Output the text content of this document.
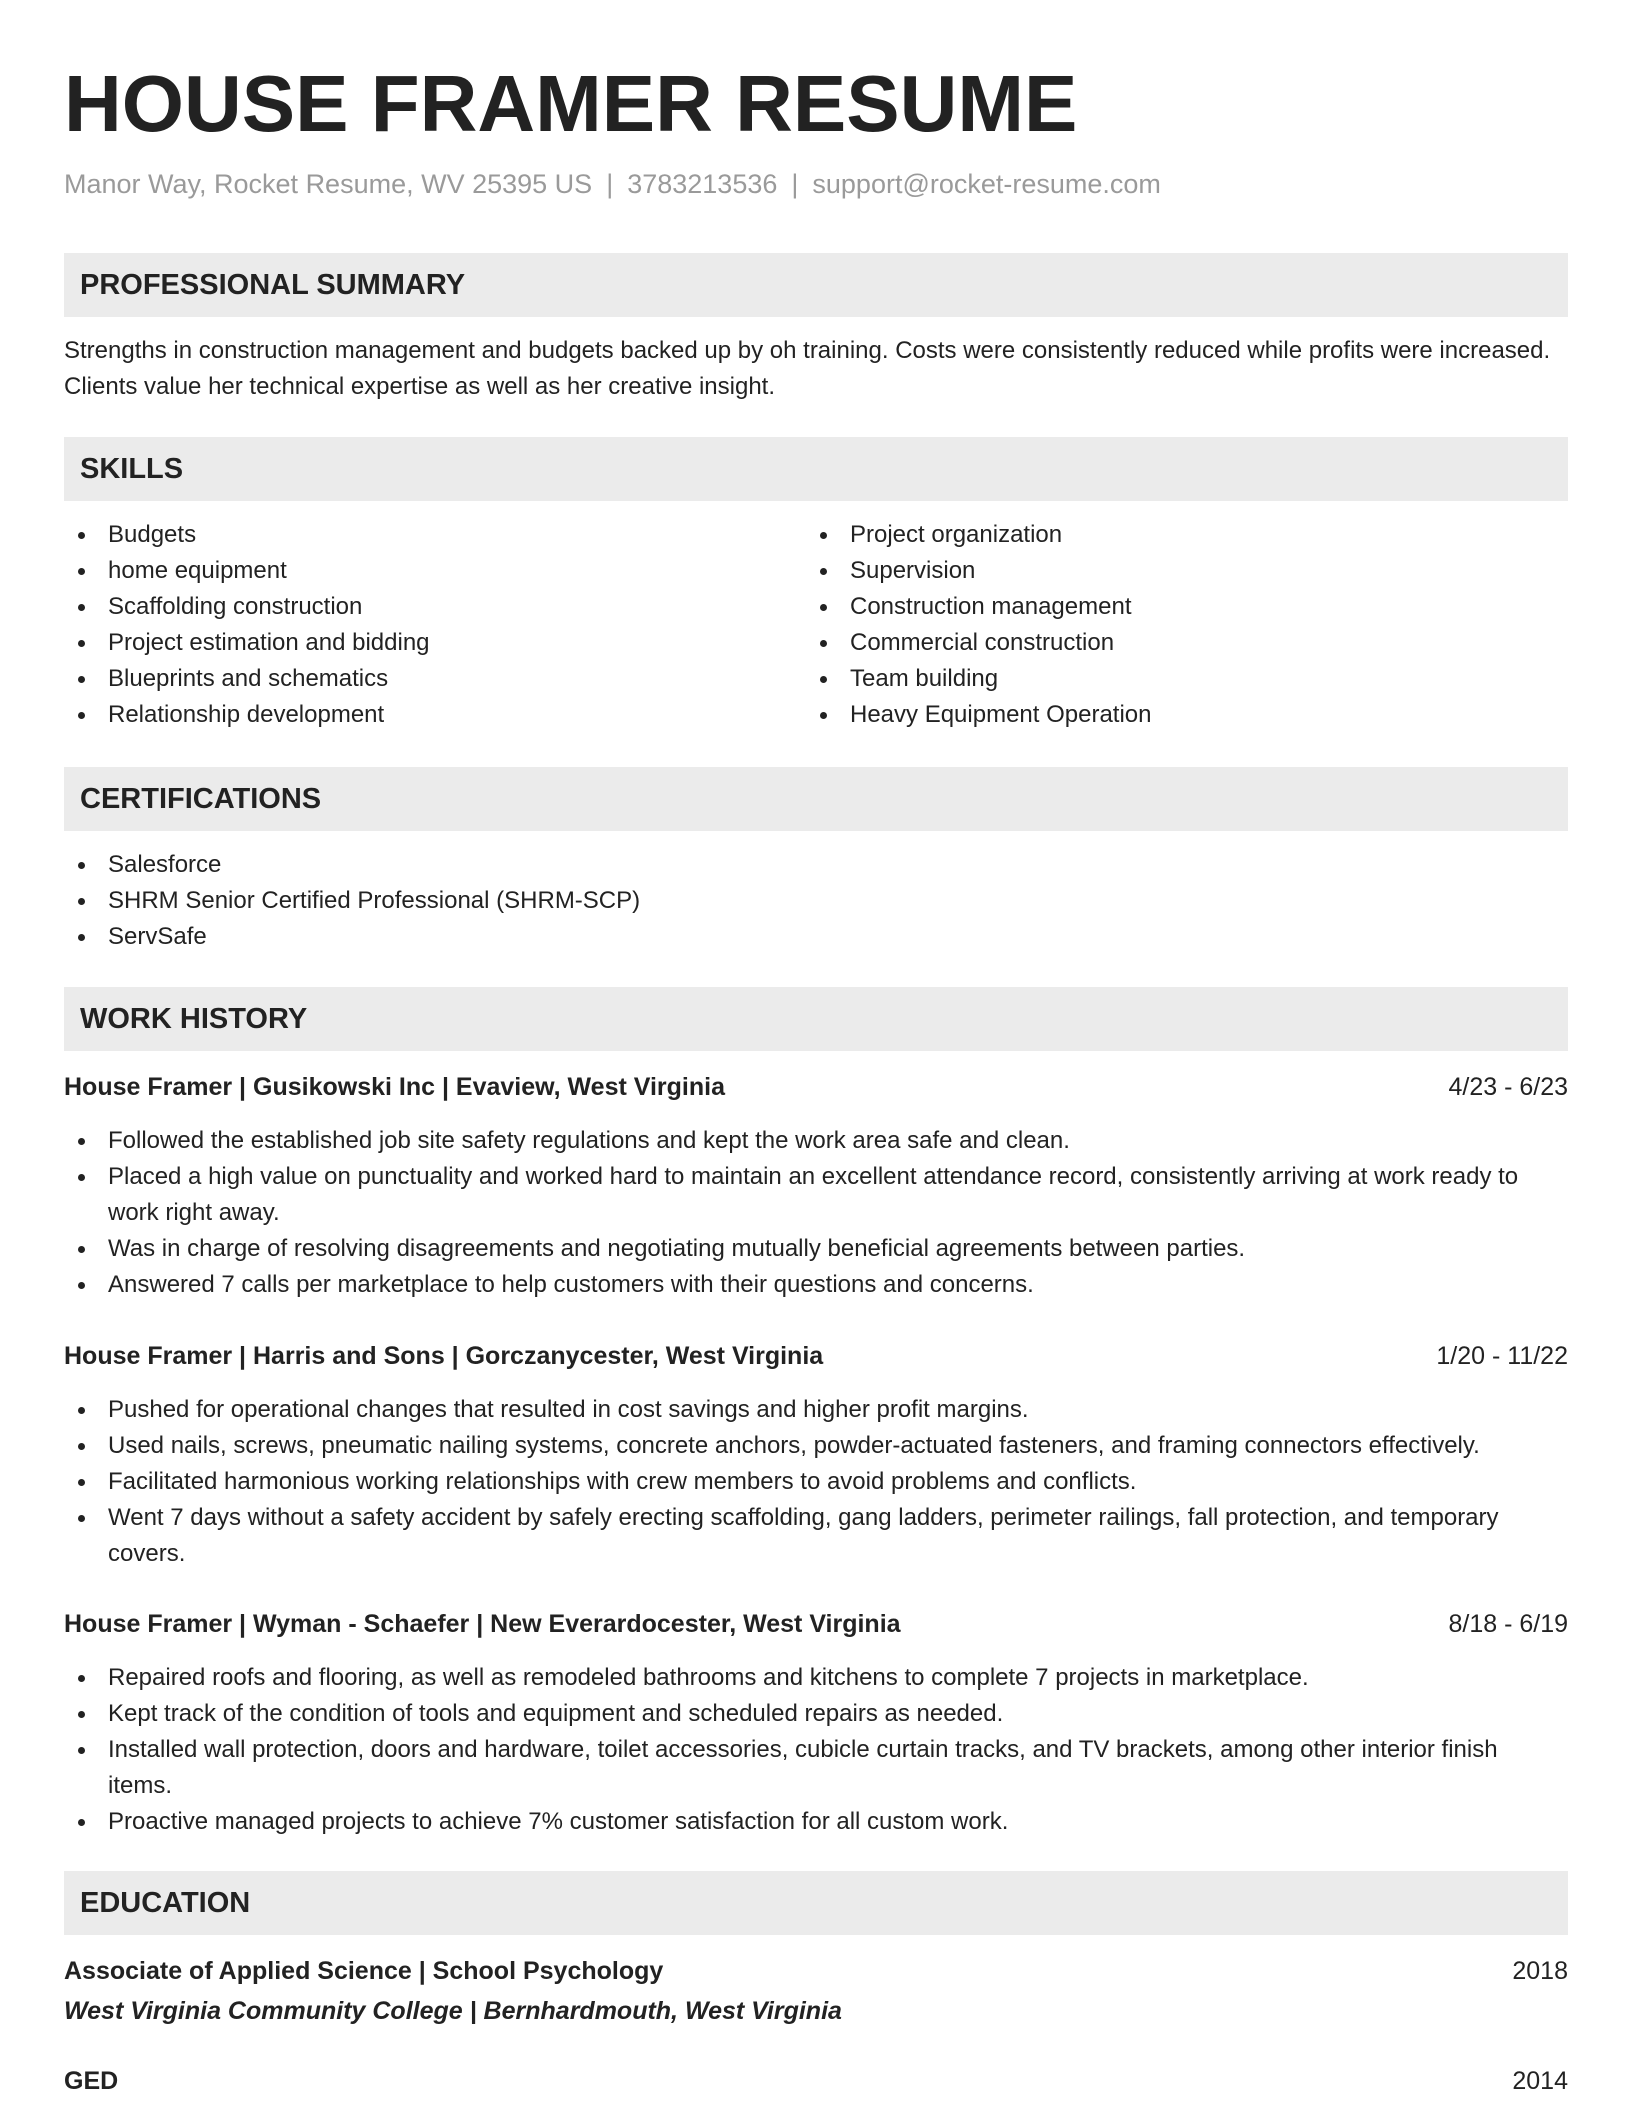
HOUSE FRAMER RESUME
Manor Way, Rocket Resume, WV 25395 US | 3783213536 | support@rocket-resume.com
PROFESSIONAL SUMMARY

Strengths in construction management and budgets backed up by oh training. Costs were consistently reduced while profits were increased. Clients value her technical expertise as well as her creative insight.

SKILLS
Budgets
home equipment
Scaffolding construction
Project estimation and bidding
Blueprints and schematics
Relationship development
Project organization
Supervision
Construction management
Commercial construction
Team building
Heavy Equipment Operation
CERTIFICATIONS
Salesforce
SHRM Senior Certified Professional (SHRM-SCP)
ServSafe
WORK HISTORY
House Framer | Gusikowski Inc | Evaview, West Virginia	4/23 - 6/23
Followed the established job site safety regulations and kept the work area safe and clean.
Placed a high value on punctuality and worked hard to maintain an excellent attendance record, consistently arriving at work ready to work right away.
Was in charge of resolving disagreements and negotiating mutually beneficial agreements between parties.
Answered 7 calls per marketplace to help customers with their questions and concerns.
House Framer | Harris and Sons | Gorczanycester, West Virginia	1/20 - 11/22
Pushed for operational changes that resulted in cost savings and higher profit margins.
Used nails, screws, pneumatic nailing systems, concrete anchors, powder-actuated fasteners, and framing connectors effectively.
Facilitated harmonious working relationships with crew members to avoid problems and conflicts.
Went 7 days without a safety accident by safely erecting scaffolding, gang ladders, perimeter railings, fall protection, and temporary covers.
House Framer | Wyman - Schaefer | New Everardocester, West Virginia	8/18 - 6/19
Repaired roofs and flooring, as well as remodeled bathrooms and kitchens to complete 7 projects in marketplace.
Kept track of the condition of tools and equipment and scheduled repairs as needed.
Installed wall protection, doors and hardware, toilet accessories, cubicle curtain tracks, and TV brackets, among other interior finish items.
Proactive managed projects to achieve 7% customer satisfaction for all custom work.
EDUCATION
Associate of Applied Science | School Psychology	2018
West Virginia Community College | Bernhardmouth, West Virginia
GED	2014
